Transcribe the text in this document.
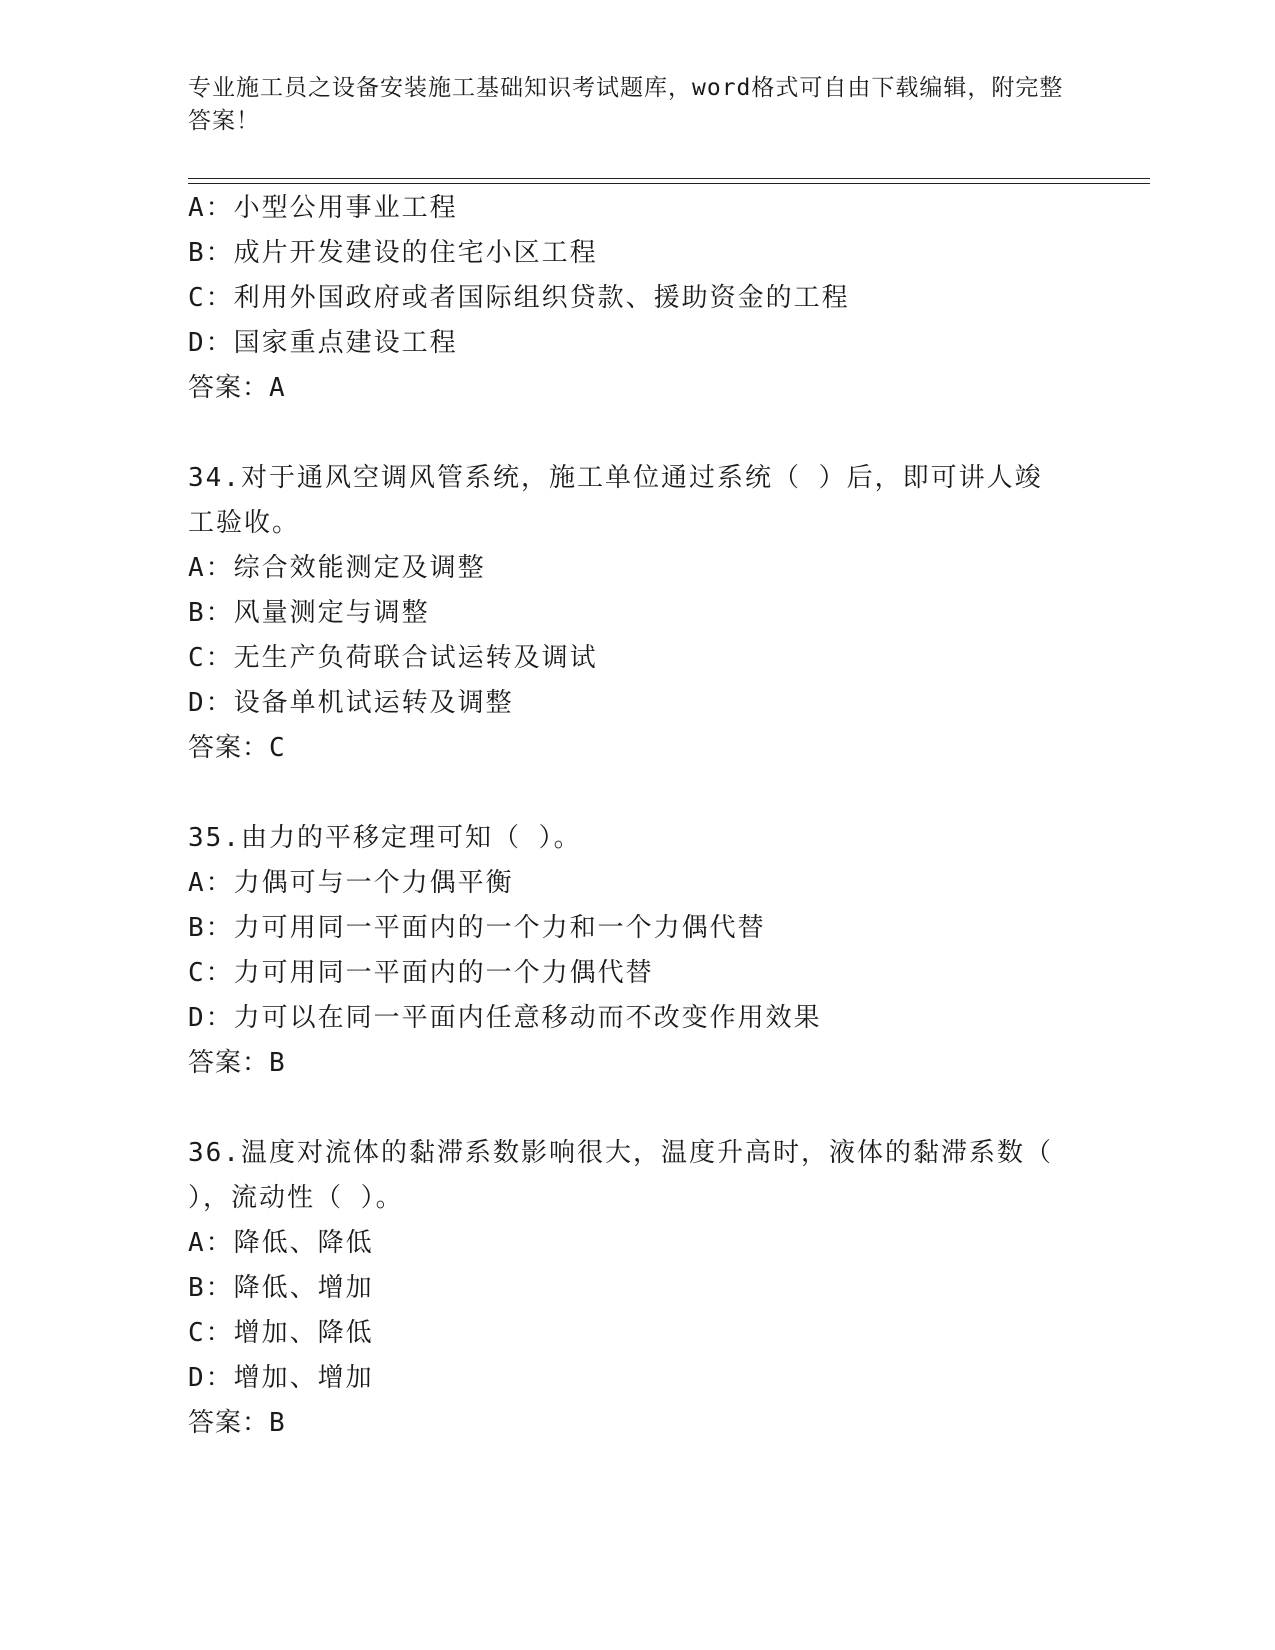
专业施工员之设备安装施工基础知识考试题库，word格式可自由下载编辑，附完整答案！
A：小型公用事业工程
B：成片开发建设的住宅小区工程
C：利用外国政府或者国际组织贷款、援助资金的工程
D：国家重点建设工程
答案：A
34.对于通风空调风管系统，施工单位通过系统（ ）后，即可讲人竣
工验收。
A：综合效能测定及调整
B：风量测定与调整
C：无生产负荷联合试运转及调试
D：设备单机试运转及调整
答案：C
35.由力的平移定理可知（ ）。
A：力偶可与一个力偶平衡
B：力可用同一平面内的一个力和一个力偶代替
C：力可用同一平面内的一个力偶代替
D：力可以在同一平面内任意移动而不改变作用效果
答案：B
36.温度对流体的黏滞系数影响很大，温度升高时，液体的黏滞系数（
），流动性（ ）。
A：降低、降低
B：降低、增加
C：增加、降低
D：增加、增加
答案：B
